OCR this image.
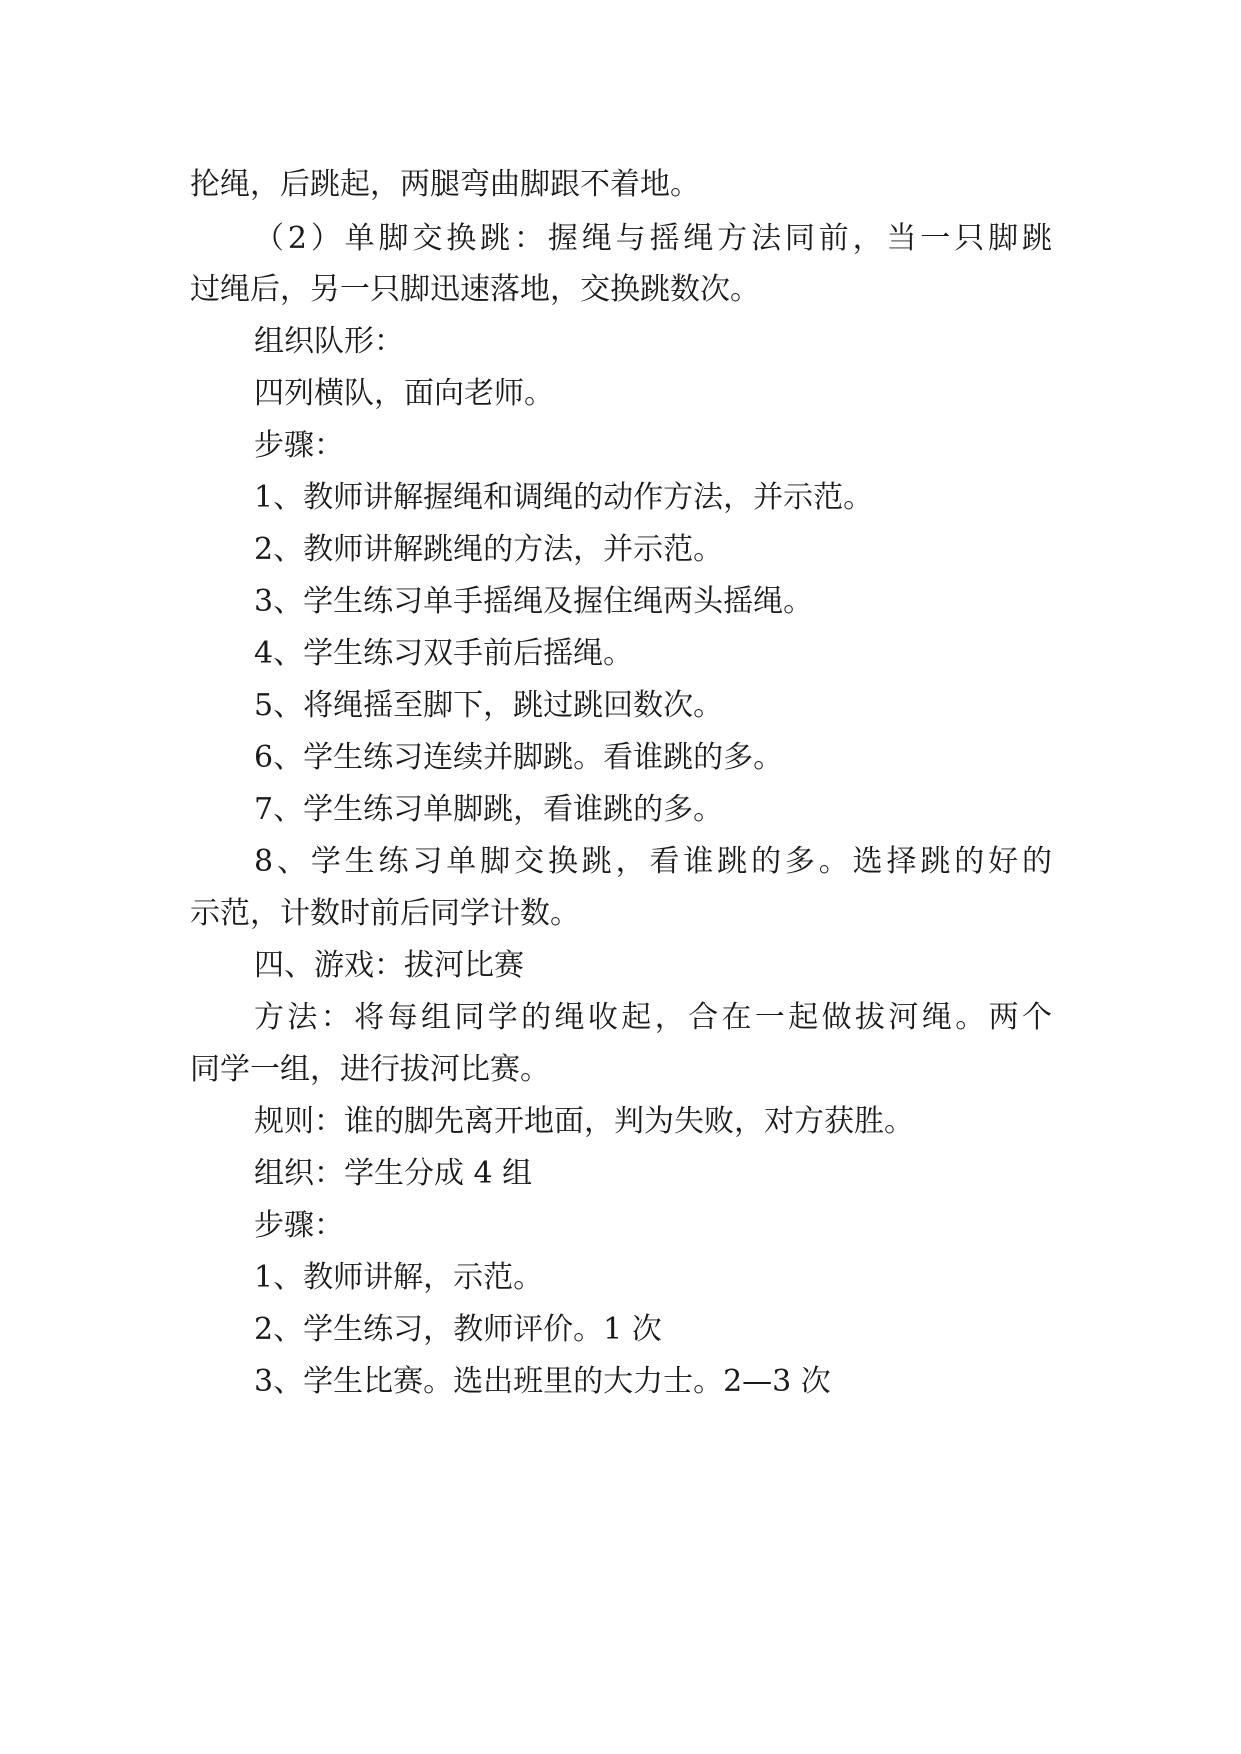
抡绳，后跳起，两腿弯曲脚跟不着地。
（2）单脚交换跳：握绳与摇绳方法同前，当一只脚跳
过绳后，另一只脚迅速落地，交换跳数次。
组织队形：
四列横队，面向老师。
步骤：
1、教师讲解握绳和调绳的动作方法，并示范。
2、教师讲解跳绳的方法，并示范。
3、学生练习单手摇绳及握住绳两头摇绳。
4、学生练习双手前后摇绳。
5、将绳摇至脚下，跳过跳回数次。
6、学生练习连续并脚跳。看谁跳的多。
7、学生练习单脚跳，看谁跳的多。
8、学生练习单脚交换跳，看谁跳的多。选择跳的好的
示范，计数时前后同学计数。
四、游戏：拔河比赛
方法：将每组同学的绳收起，合在一起做拔河绳。两个
同学一组，进行拔河比赛。
规则：谁的脚先离开地面，判为失败，对方获胜。
组织：学生分成 4 组
步骤：
1、教师讲解，示范。
2、学生练习，教师评价。1 次
3、学生比赛。选出班里的大力士。2—3 次
